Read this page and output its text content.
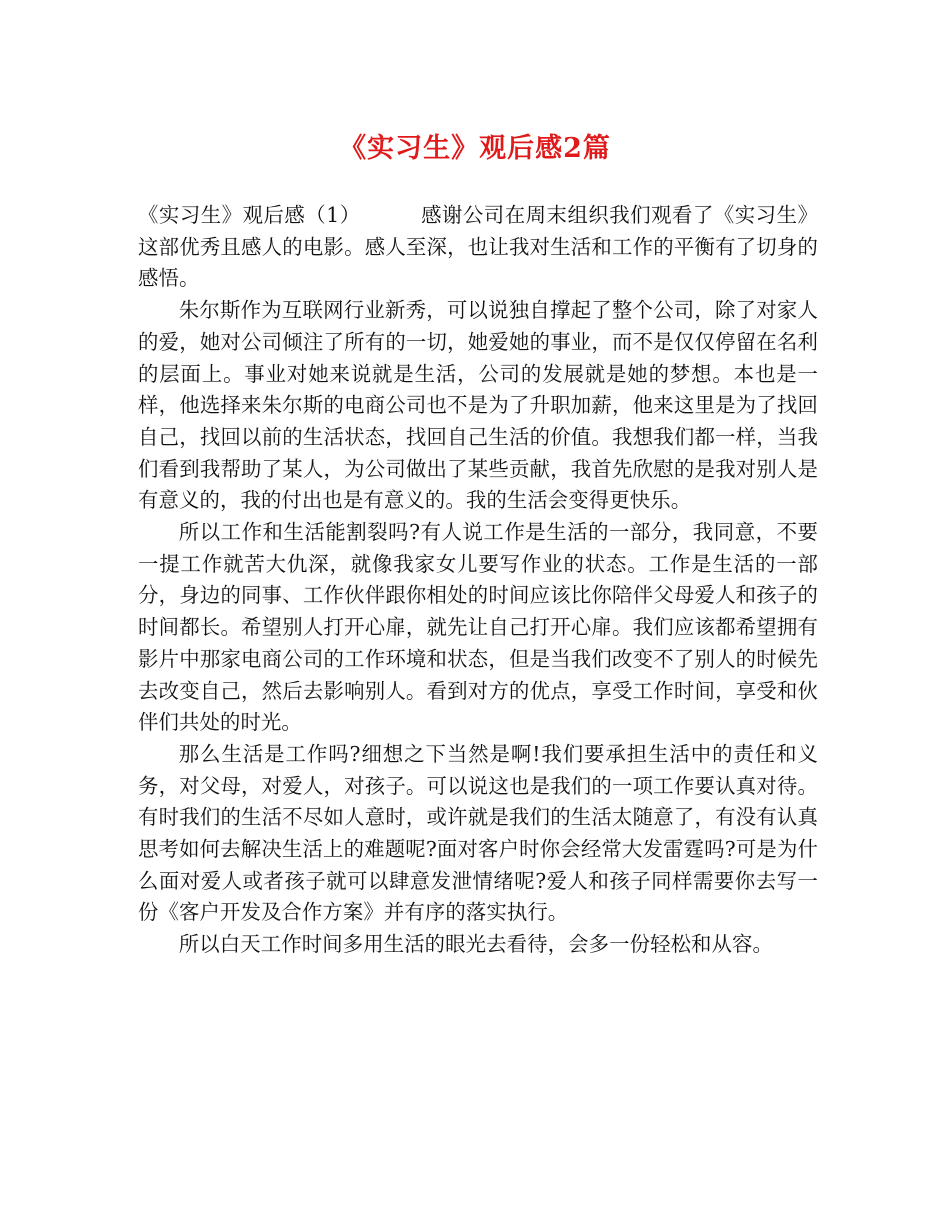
《实习生》观后感2篇

《实习生》观后感（1）	感谢公司在周末组织我们观看了《实习生》这部优秀且感人的电影。感人至深，也让我对生活和工作的平衡有了切身的感悟。

朱尔斯作为互联网行业新秀，可以说独自撑起了整个公司，除了对家人的爱，她对公司倾注了所有的一切，她爱她的事业，而不是仅仅停留在名利的层面上。事业对她来说就是生活，公司的发展就是她的梦想。本也是一样，他选择来朱尔斯的电商公司也不是为了升职加薪，他来这里是为了找回自己，找回以前的生活状态，找回自己生活的价值。我想我们都一样，当我们看到我帮助了某人，为公司做出了某些贡献，我首先欣慰的是我对别人是有意义的，我的付出也是有意义的。我的生活会变得更快乐。

所以工作和生活能割裂吗?有人说工作是生活的一部分，我同意，不要一提工作就苦大仇深，就像我家女儿要写作业的状态。工作是生活的一部分，身边的同事、工作伙伴跟你相处的时间应该比你陪伴父母爱人和孩子的时间都长。希望别人打开心扉，就先让自己打开心扉。我们应该都希望拥有影片中那家电商公司的工作环境和状态，但是当我们改变不了别人的时候先去改变自己，然后去影响别人。看到对方的优点，享受工作时间，享受和伙伴们共处的时光。

那么生活是工作吗?细想之下当然是啊!我们要承担生活中的责任和义务，对父母，对爱人，对孩子。可以说这也是我们的一项工作要认真对待。有时我们的生活不尽如人意时，或许就是我们的生活太随意了，有没有认真思考如何去解决生活上的难题呢?面对客户时你会经常大发雷霆吗?可是为什么面对爱人或者孩子就可以肆意发泄情绪呢?爱人和孩子同样需要你去写一份《客户开发及合作方案》并有序的落实执行。

所以白天工作时间多用生活的眼光去看待，会多一份轻松和从容。
